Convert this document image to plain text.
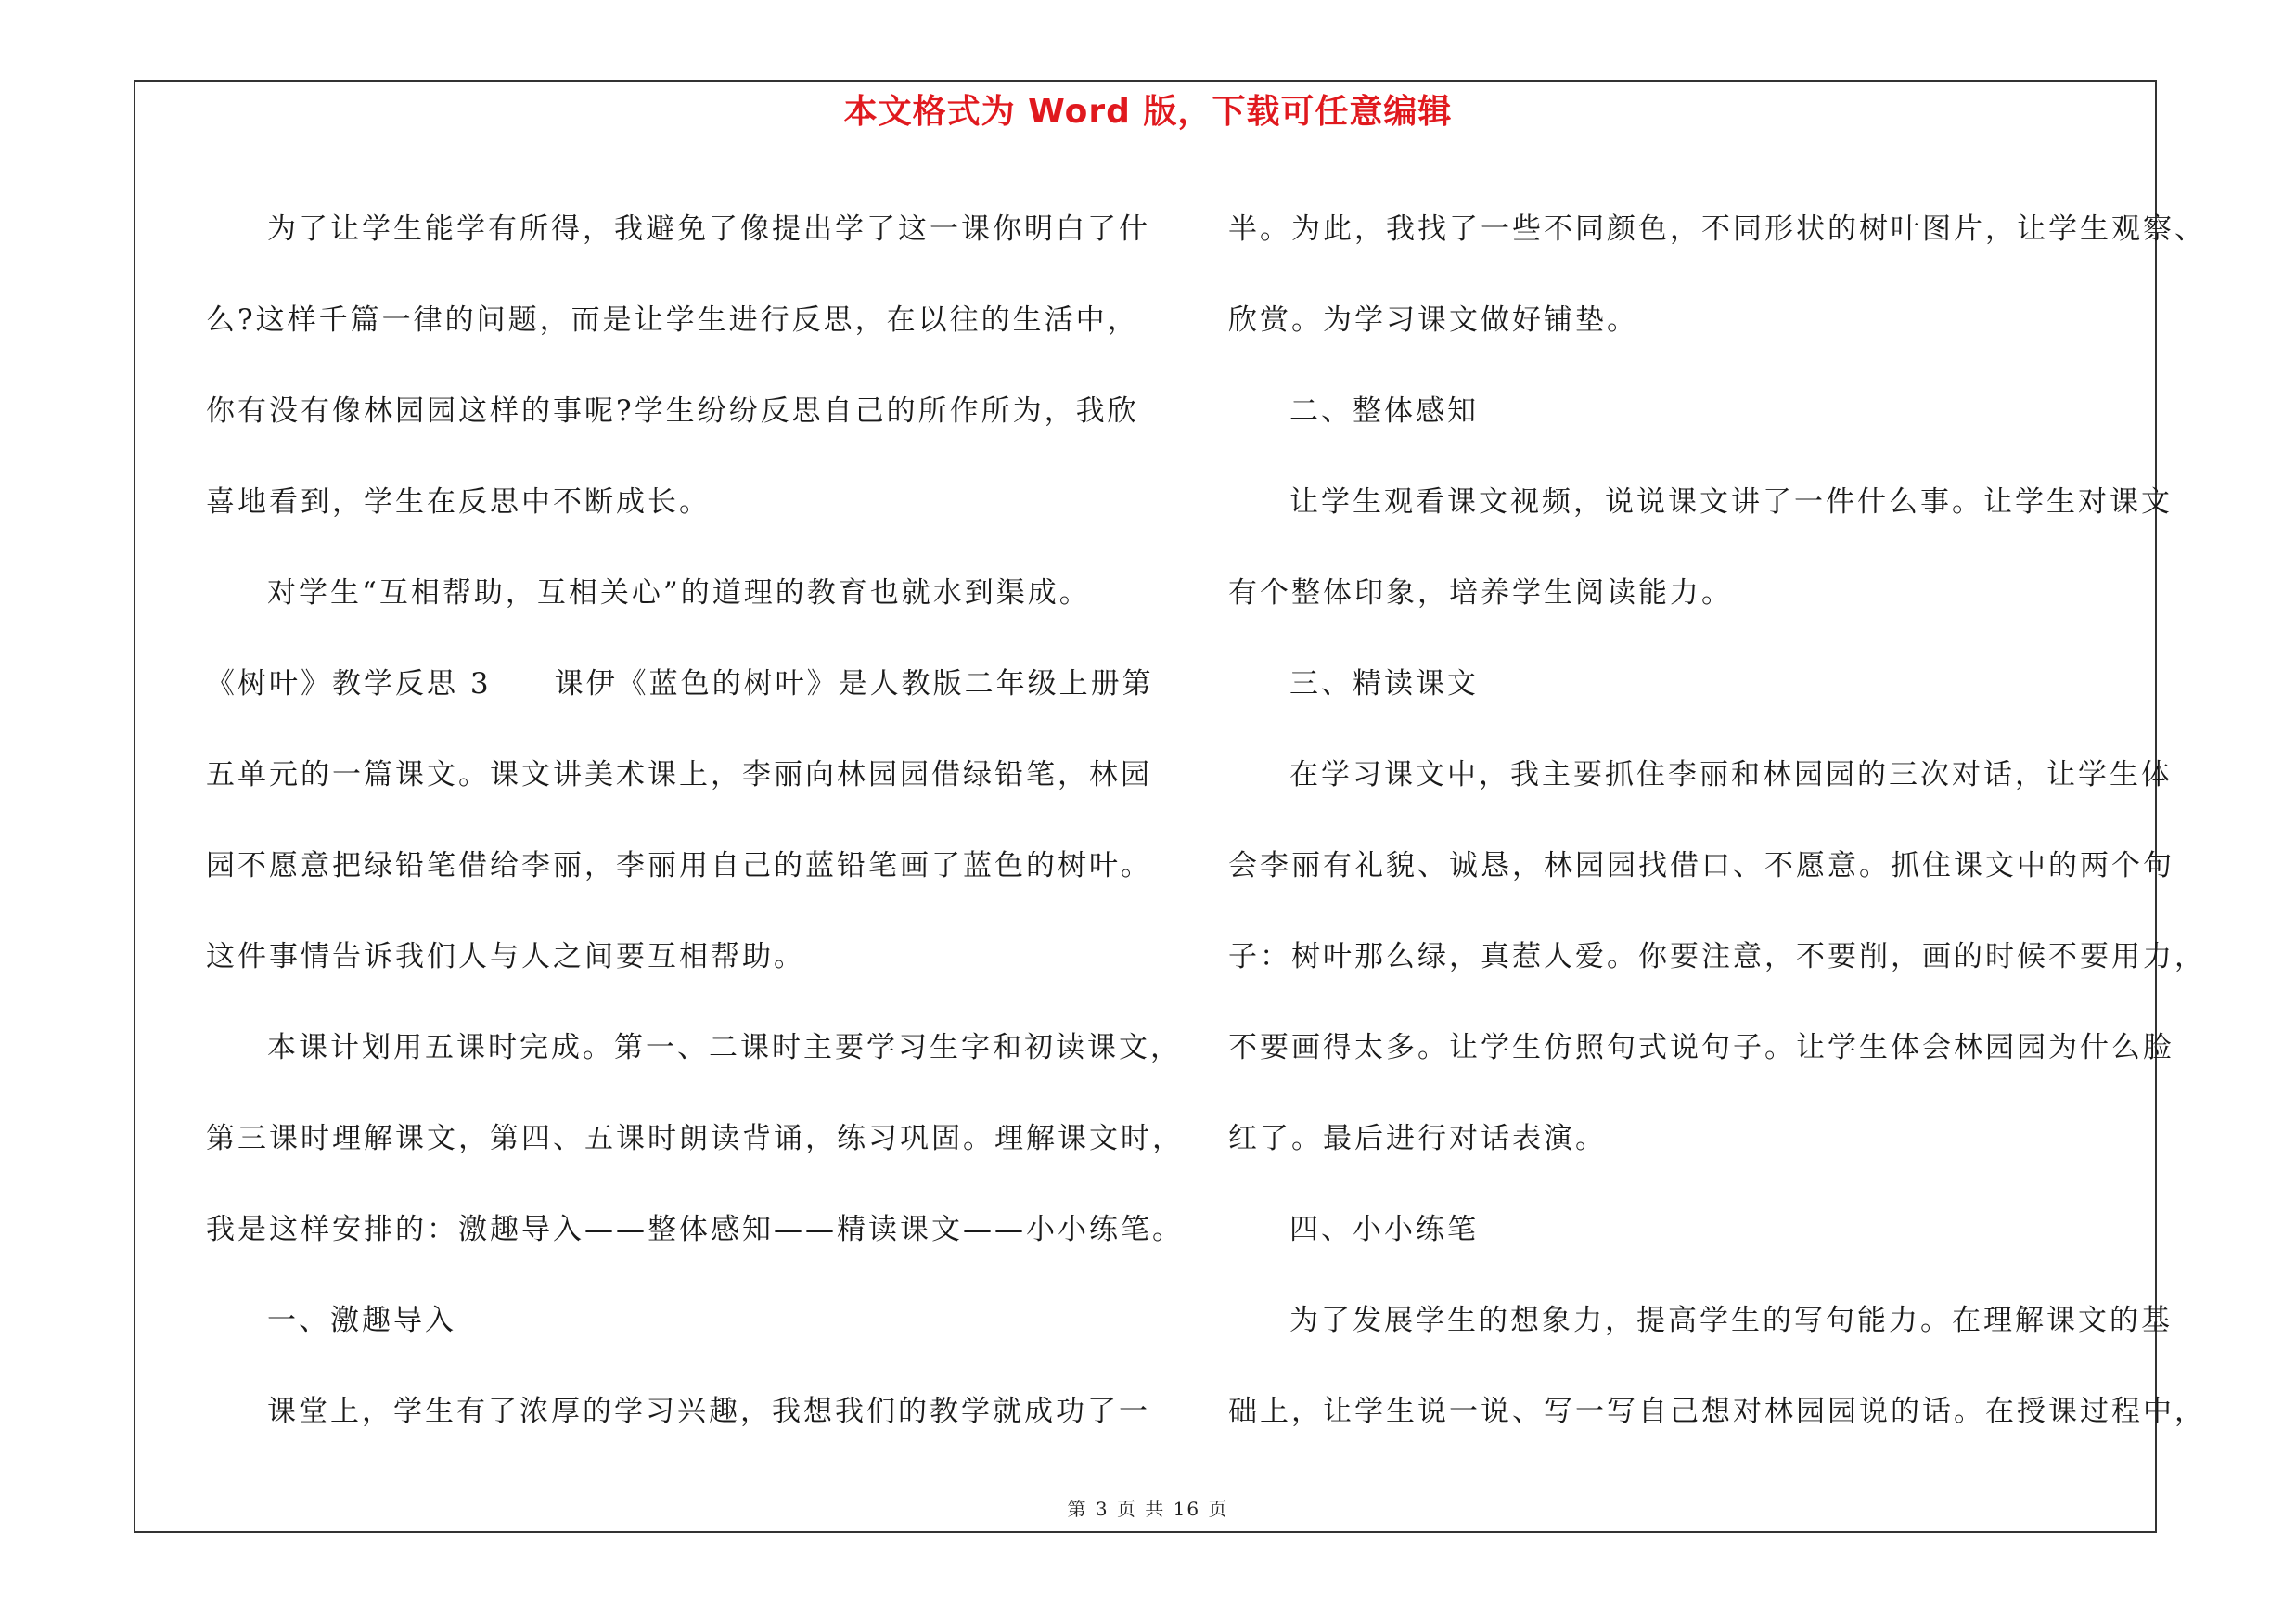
本文格式为 Word 版，下载可任意编辑

为了让学生能学有所得，我避免了像提出学了这一课你明白了什

么?这样千篇一律的问题，而是让学生进行反思，在以往的生活中，

你有没有像林园园这样的事呢?学生纷纷反思自己的所作所为，我欣

喜地看到，学生在反思中不断成长。

对学生“互相帮助，互相关心”的道理的教育也就水到渠成。

《树叶》教学反思 3　　课伊《蓝色的树叶》是人教版二年级上册第

五单元的一篇课文。课文讲美术课上，李丽向林园园借绿铅笔，林园

园不愿意把绿铅笔借给李丽，李丽用自己的蓝铅笔画了蓝色的树叶。

这件事情告诉我们人与人之间要互相帮助。

本课计划用五课时完成。第一、二课时主要学习生字和初读课文，

第三课时理解课文，第四、五课时朗读背诵，练习巩固。理解课文时，

我是这样安排的：激趣导入——整体感知——精读课文——小小练笔。

一、激趣导入

课堂上，学生有了浓厚的学习兴趣，我想我们的教学就成功了一

半。为此，我找了一些不同颜色，不同形状的树叶图片，让学生观察、

欣赏。为学习课文做好铺垫。

二、整体感知

让学生观看课文视频，说说课文讲了一件什么事。让学生对课文

有个整体印象，培养学生阅读能力。

三、精读课文

在学习课文中，我主要抓住李丽和林园园的三次对话，让学生体

会李丽有礼貌、诚恳，林园园找借口、不愿意。抓住课文中的两个句

子：树叶那么绿，真惹人爱。你要注意，不要削，画的时候不要用力，

不要画得太多。让学生仿照句式说句子。让学生体会林园园为什么脸

红了。最后进行对话表演。

四、小小练笔

为了发展学生的想象力，提高学生的写句能力。在理解课文的基

础上，让学生说一说、写一写自己想对林园园说的话。在授课过程中，

第 3 页 共 16 页
